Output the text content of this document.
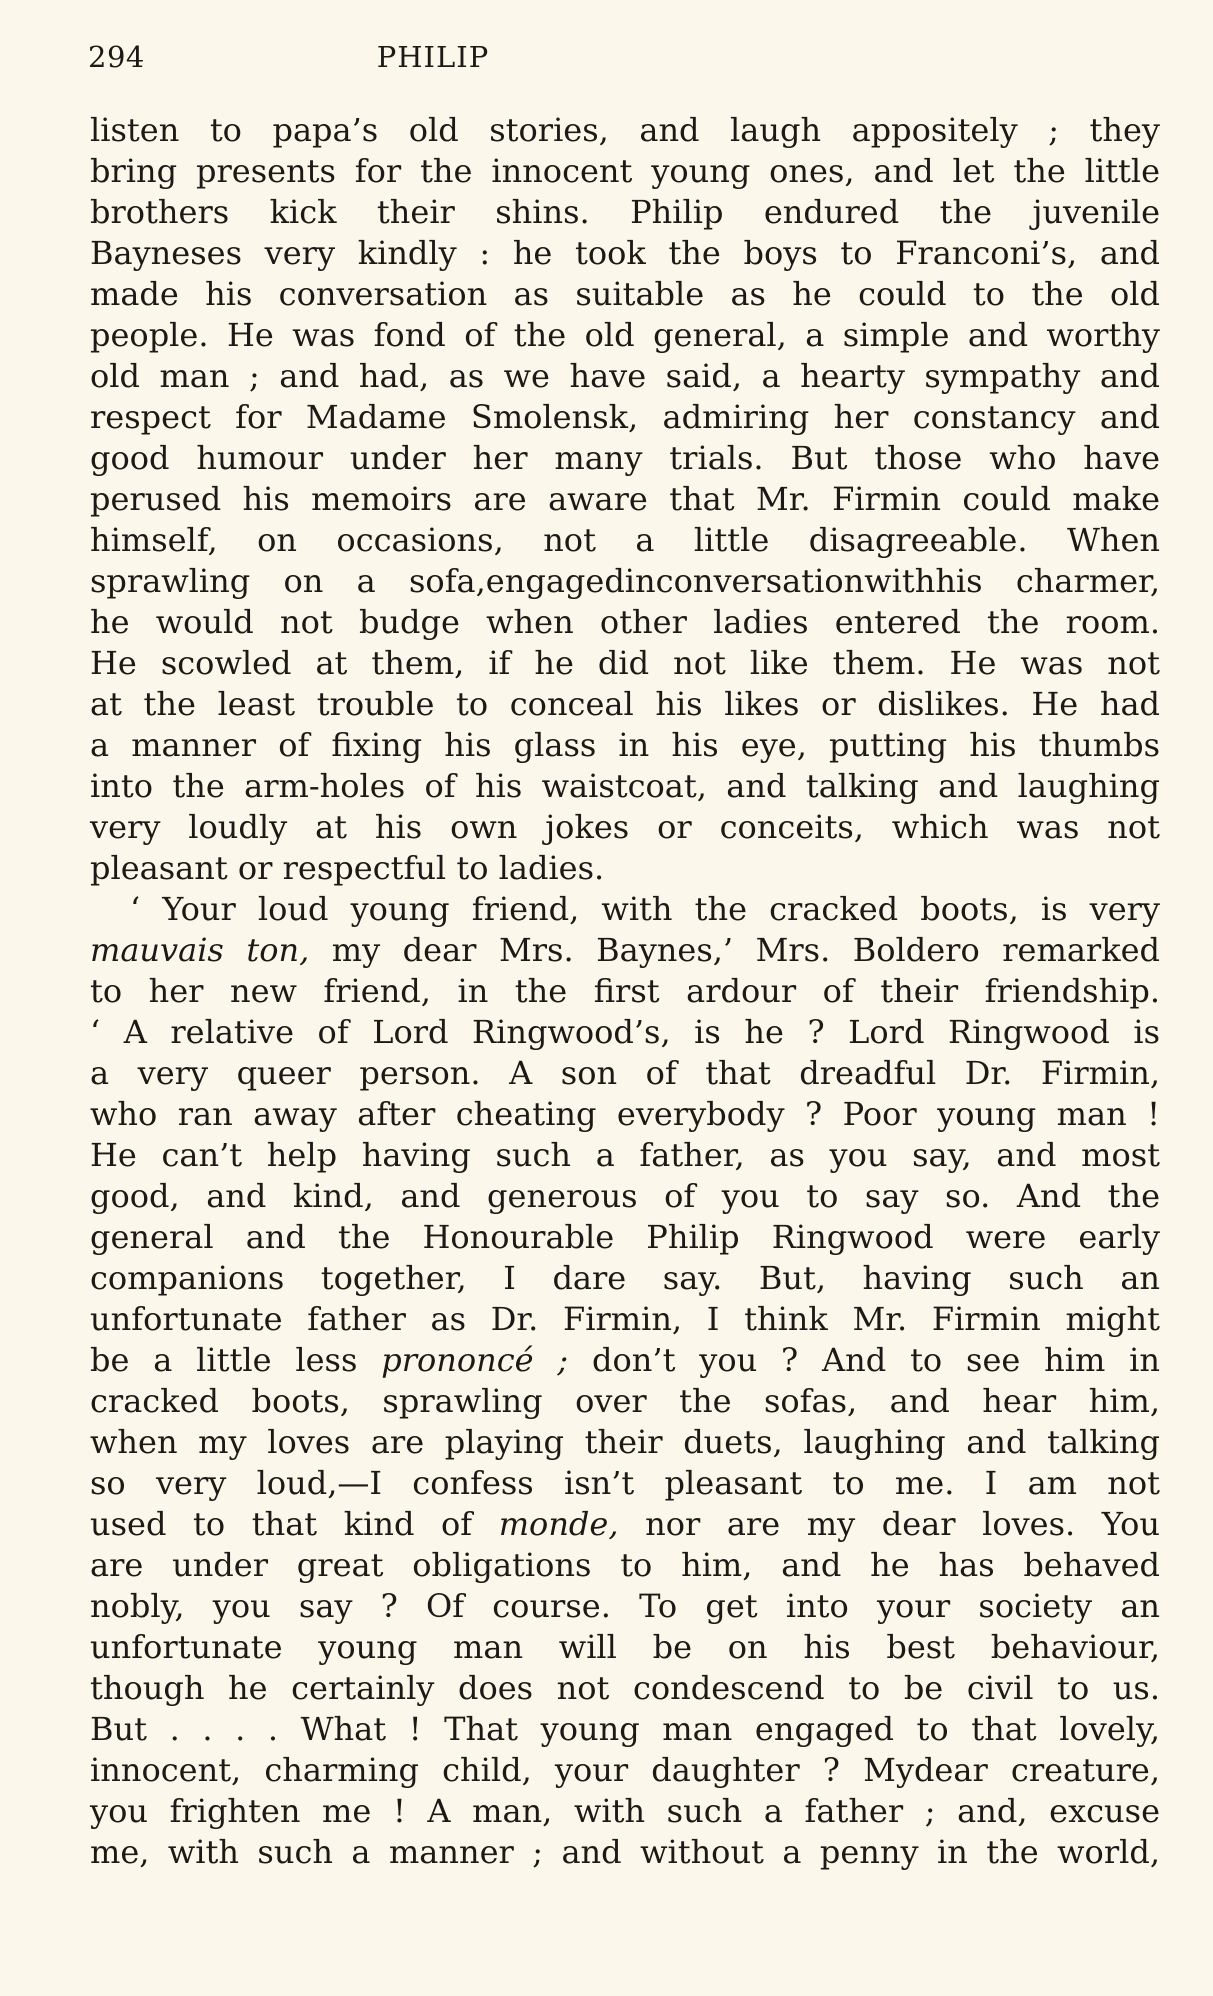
294	PHILIP
listen to papa’s old stories, and laugh appositely ; they
bring presents for the innocent young ones, and let the little
brothers kick their shins. Philip endured the juvenile
Bayneses very kindly : he took the boys to Franconi’s, and
made his conversation as suitable as he could to the old
people. He was fond of the old general, a simple and worthy
old man ; and had, as we have said, a hearty sympathy and
respect for Madame Smolensk, admiring her constancy and
good humour under her many trials. But those who have
perused his memoirs are aware that Mr. Firmin could make
himself, on occasions, not a little disagreeable. When
sprawling on a sofa,engagedinconversationwithhis charmer,
he would not budge when other ladies entered the room.
He scowled at them, if he did not like them. He was not
at the least trouble to conceal his likes or dislikes. He had
a manner of fixing his glass in his eye, putting his thumbs
into the arm-holes of his waistcoat, and talking and laughing
very loudly at his own jokes or conceits, which was not
pleasant or respectful to ladies.
‘ Your loud young friend, with the cracked boots, is very
mauvais ton, my dear Mrs. Baynes,’ Mrs. Boldero remarked
to her new friend, in the first ardour of their friendship.
‘ A relative of Lord Ringwood’s, is he ? Lord Ringwood is
a very queer person. A son of that dreadful Dr. Firmin,
who ran away after cheating everybody ? Poor young man !
He can’t help having such a father, as you say, and most
good, and kind, and generous of you to say so. And the
general and the Honourable Philip Ringwood were early
companions together, I dare say. But, having such an
unfortunate father as Dr. Firmin, I think Mr. Firmin might
be a little less prononcé ; don’t you ? And to see him in
cracked boots, sprawling over the sofas, and hear him,
when my loves are playing their duets, laughing and talking
so very loud,—I confess isn’t pleasant to me. I am not
used to that kind of monde, nor are my dear loves. You
are under great obligations to him, and he has behaved
nobly, you say ? Of course. To get into your society an
unfortunate young man will be on his best behaviour,
though he certainly does not condescend to be civil to us.
But . . . . What ! That young man engaged to that lovely,
innocent, charming child, your daughter ? Mydear creature,
you frighten me ! A man, with such a father ; and, excuse
me, with such a manner ; and without a penny in the world,
